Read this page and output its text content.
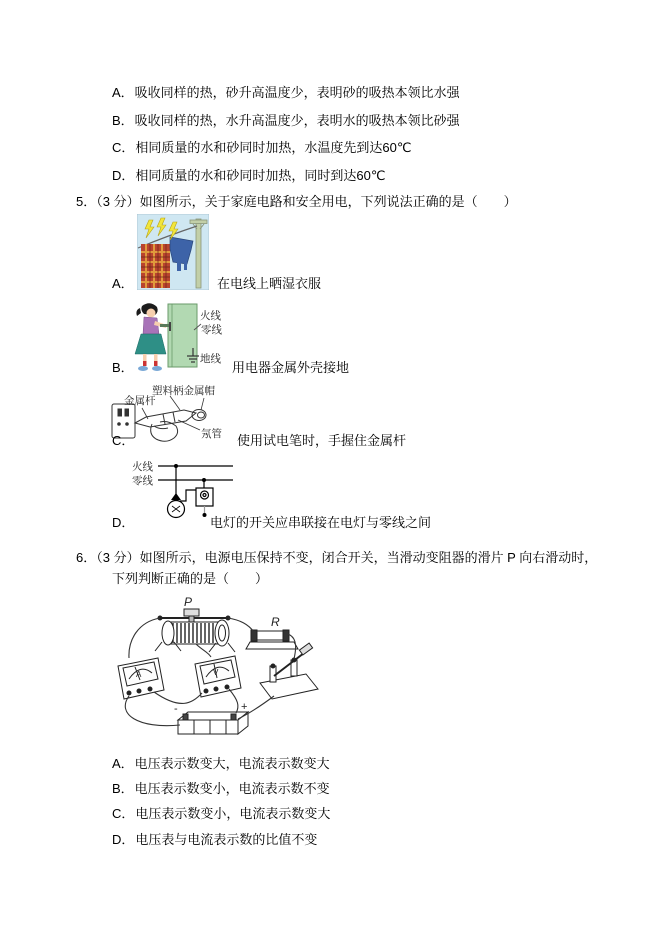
A．吸收同样的热，砂升高温度少，表明砂的吸热本领比水强
B．吸收同样的热，水升高温度少，表明水的吸热本领比砂强
C．相同质量的水和砂同时加热，水温度先到达60℃
D．相同质量的水和砂同时加热，同时到达60℃
5．（3 分）如图所示，关于家庭电路和安全用电，下列说法正确的是（　　）
A．	在电线上晒湿衣服
火线
零线
地线
B．	用电器金属外壳接地
塑料柄金属帽
金属杆
氖管
C．	使用试电笔时，手握住金属杆
火线
零线
D．	电灯的开关应串联接在电灯与零线之间
6．（3 分）如图所示，电源电压保持不变，闭合开关，当滑动变阻器的滑片 P 向右滑动时，
下列判断正确的是（　　）
P
R
A	V
-	+
A．电压表示数变大，电流表示数变大
B．电压表示数变小，电流表示数不变
C．电压表示数变小，电流表示数变大
D．电压表与电流表示数的比值不变
